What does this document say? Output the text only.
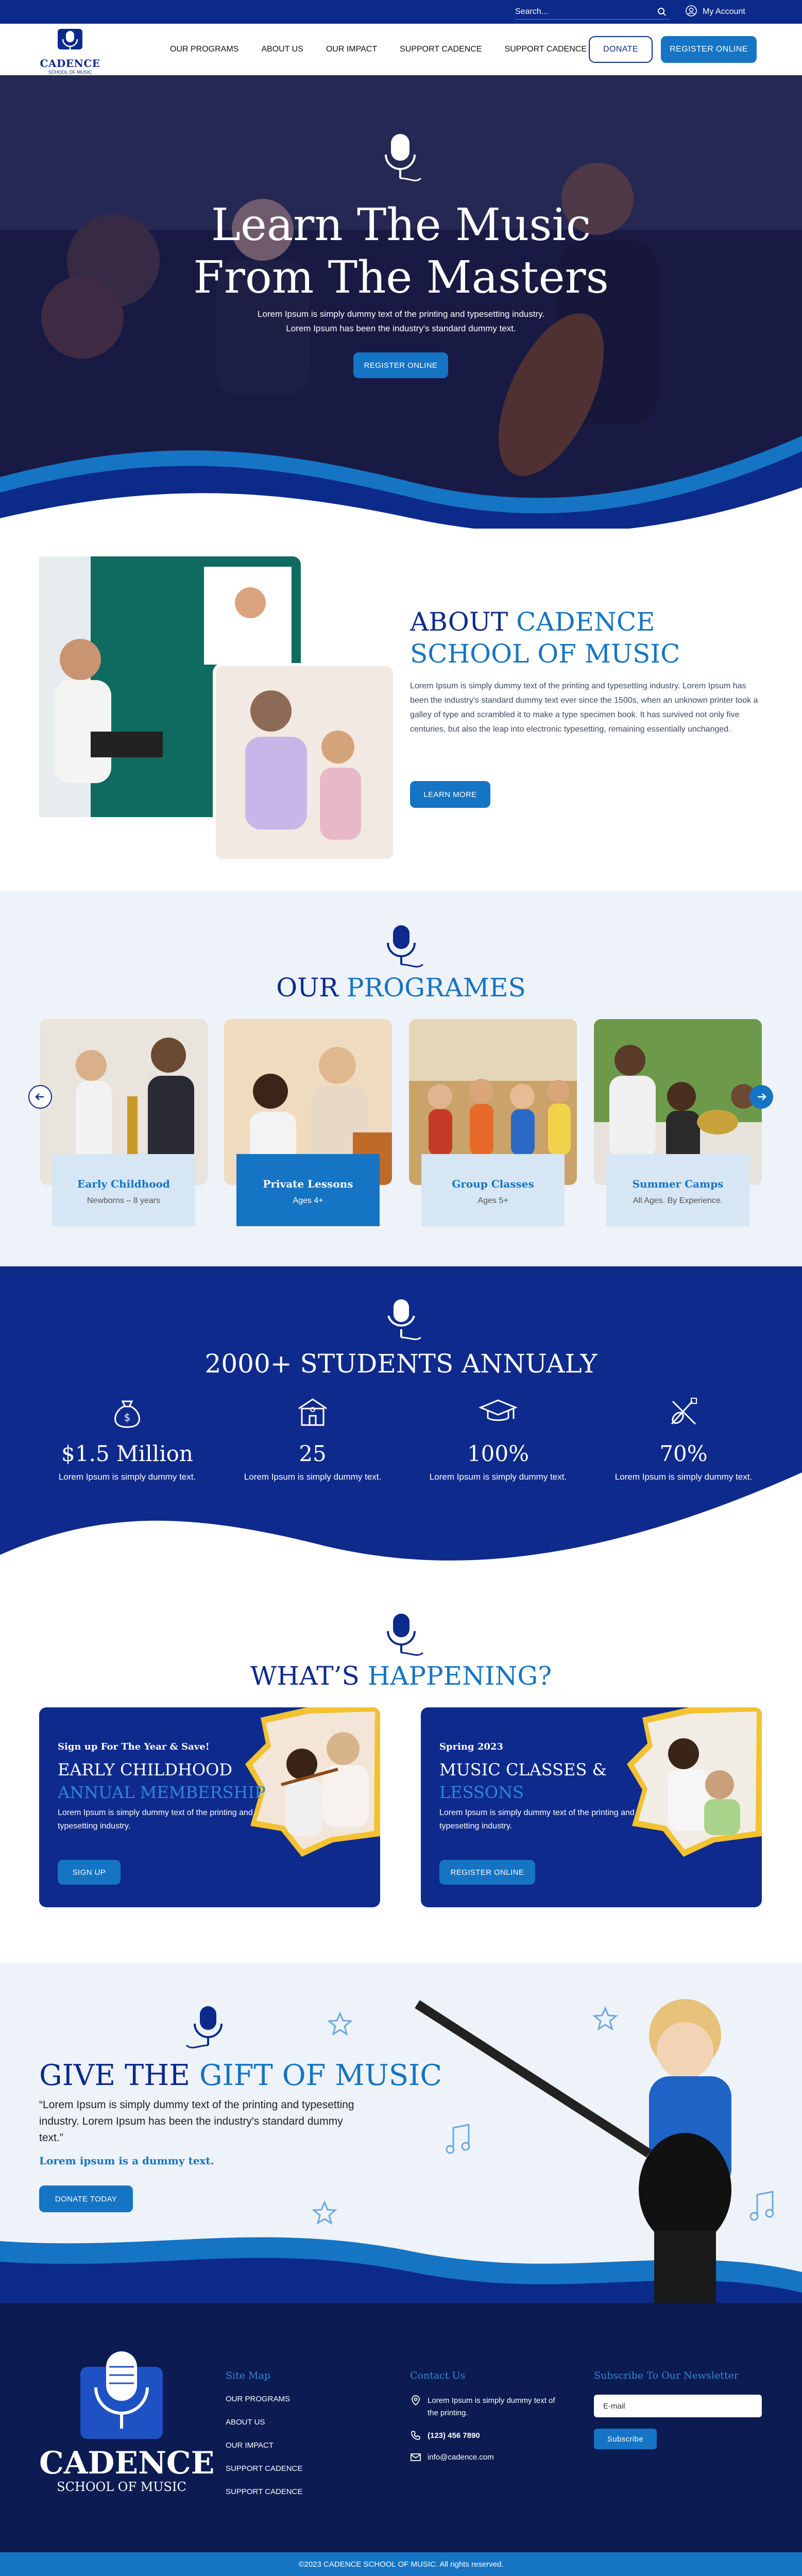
Search...	My Account
CADENCE
SCHOOL OF MUSIC
OUR PROGRAMS	ABOUT US	OUR IMPACT	SUPPORT CADENCE	SUPPORT CADENCE	DONATE	REGISTER ONLINE
Learn The Music
From The Masters
Lorem Ipsum is simply dummy text of the printing and typesetting industry.
Lorem Ipsum has been the industry's standard dummy text.
REGISTER ONLINE
ABOUT CADENCE SCHOOL OF MUSIC
Lorem Ipsum is simply dummy text of the printing and typesetting industry. Lorem Ipsum has been the industry's standard dummy text ever since the 1500s, when an unknown printer took a galley of type and scrambled it to make a type specimen book. It has survived not only five centuries, but also the leap into electronic typesetting, remaining essentially unchanged.
LEARN MORE
OUR PROGRAMES
Early Childhood
Newborns – 8 years
Private Lessons
Ages 4+
Group Classes
Ages 5+
Summer Camps
All Ages. By Experience.
2000+ STUDENTS ANNUALY
$
$1.5 Million
Lorem Ipsum is simply dummy text.
25
Lorem Ipsum is simply dummy text.
100%
Lorem Ipsum is simply dummy text.
70%
Lorem Ipsum is simply dummy text.
WHAT’S HAPPENING?
Sign up For The Year & Save!
EARLY CHILDHOOD
ANNUAL MEMBERSHIP
Lorem Ipsum is simply dummy text of the printing and typesetting industry.
SIGN UP
Spring 2023
MUSIC CLASSES &
LESSONS
Lorem Ipsum is simply dummy text of the printing and typesetting industry.
REGISTER ONLINE
GIVE THE GIFT OF MUSIC
“Lorem Ipsum is simply dummy text of the printing and typesetting industry. Lorem Ipsum has been the industry's standard dummy text.”
Lorem ipsum is a dummy text.
DONATE TODAY
CADENCE
SCHOOL OF MUSIC
Site Map
OUR PROGRAMS
ABOUT US
OUR IMPACT
SUPPORT CADENCE
SUPPORT CADENCE
Contact Us
Lorem Ipsum is simply dummy text of the printing.
(123) 456 7890
info@cadence.com
Subscribe To Our Newsletter
E-mail
Subscribe
©2023 CADENCE SCHOOL OF MUSIC. All rights reserved.
